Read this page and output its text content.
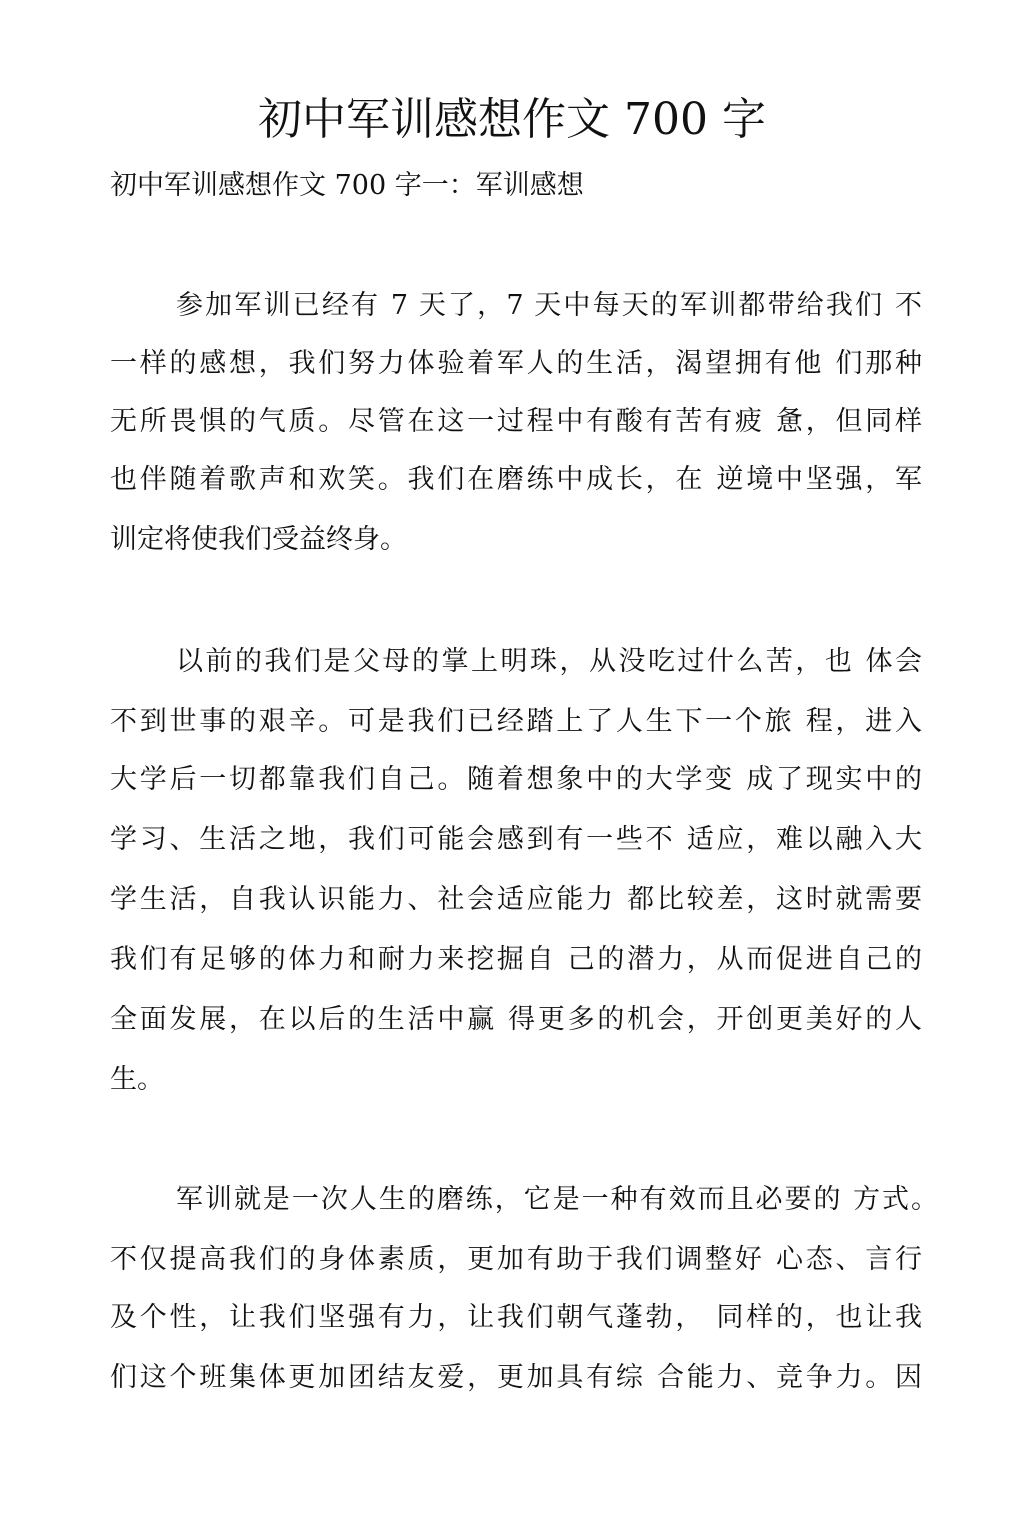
初中军训感想作文 700 字
初中军训感想作文 700 字一：军训感想
参加军训已经有 7 天了，7 天中每天的军训都带给我们 不
一样的感想，我们努力体验着军人的生活，渴望拥有他 们那种
无所畏惧的气质。尽管在这一过程中有酸有苦有疲 惫，但同样
也伴随着歌声和欢笑。我们在磨练中成长，在 逆境中坚强，军
训定将使我们受益终身。
以前的我们是父母的掌上明珠，从没吃过什么苦，也 体会
不到世事的艰辛。可是我们已经踏上了人生下一个旅 程，进入
大学后一切都靠我们自己。随着想象中的大学变 成了现实中的
学习、生活之地，我们可能会感到有一些不 适应，难以融入大
学生活，自我认识能力、社会适应能力 都比较差，这时就需要
我们有足够的体力和耐力来挖掘自 己的潜力，从而促进自己的
全面发展，在以后的生活中赢 得更多的机会，开创更美好的人
生。
军训就是一次人生的磨练，它是一种有效而且必要的 方式。
不仅提高我们的身体素质，更加有助于我们调整好 心态、言行
及个性，让我们坚强有力，让我们朝气蓬勃， 同样的，也让我
们这个班集体更加团结友爱，更加具有综 合能力、竞争力。因
